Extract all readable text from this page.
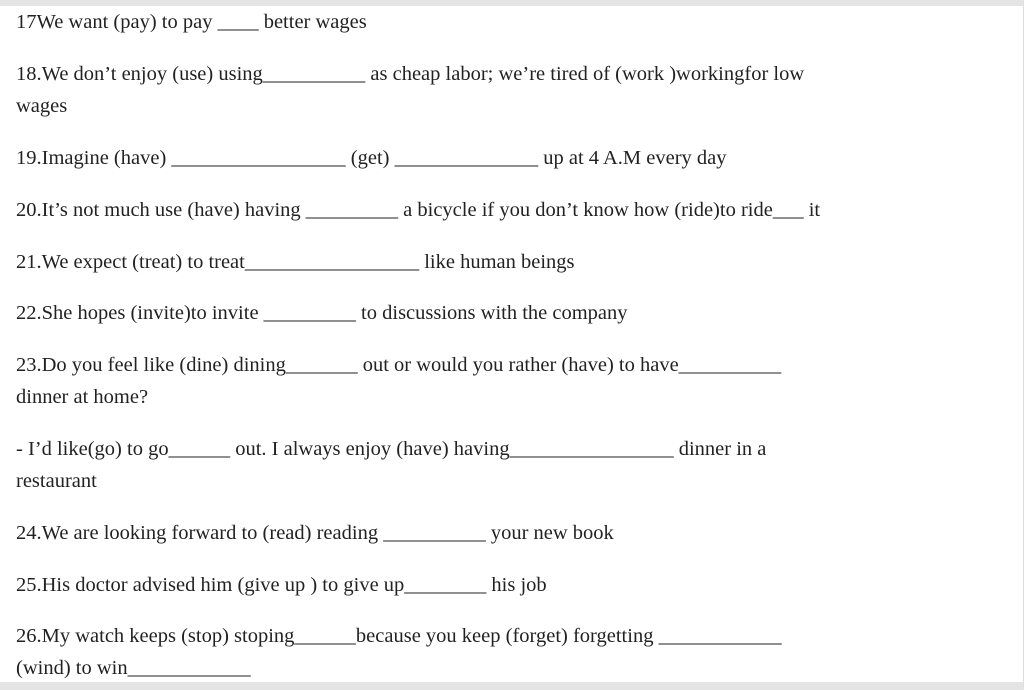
17We want (pay) to pay ____ better wages
18.We don’t enjoy (use) using__________ as cheap labor; we’re tired of (work )workingfor low
wages
19.Imagine (have) _________________ (get) ______________ up at 4 A.M every day
20.It’s not much use (have) having _________ a bicycle if you don’t know how (ride)to ride___ it
21.We expect (treat) to treat_________________ like human beings
22.She hopes (invite)to invite _________ to discussions with the company
23.Do you feel like (dine) dining_______ out or would you rather (have) to have__________
dinner at home?
- I’d like(go) to go______ out. I always enjoy (have) having________________ dinner in a
restaurant
24.We are looking forward to (read) reading __________ your new book
25.His doctor advised him (give up ) to give up________ his job
26.My watch keeps (stop) stoping______because you keep (forget) forgetting ____________
(wind) to win____________
